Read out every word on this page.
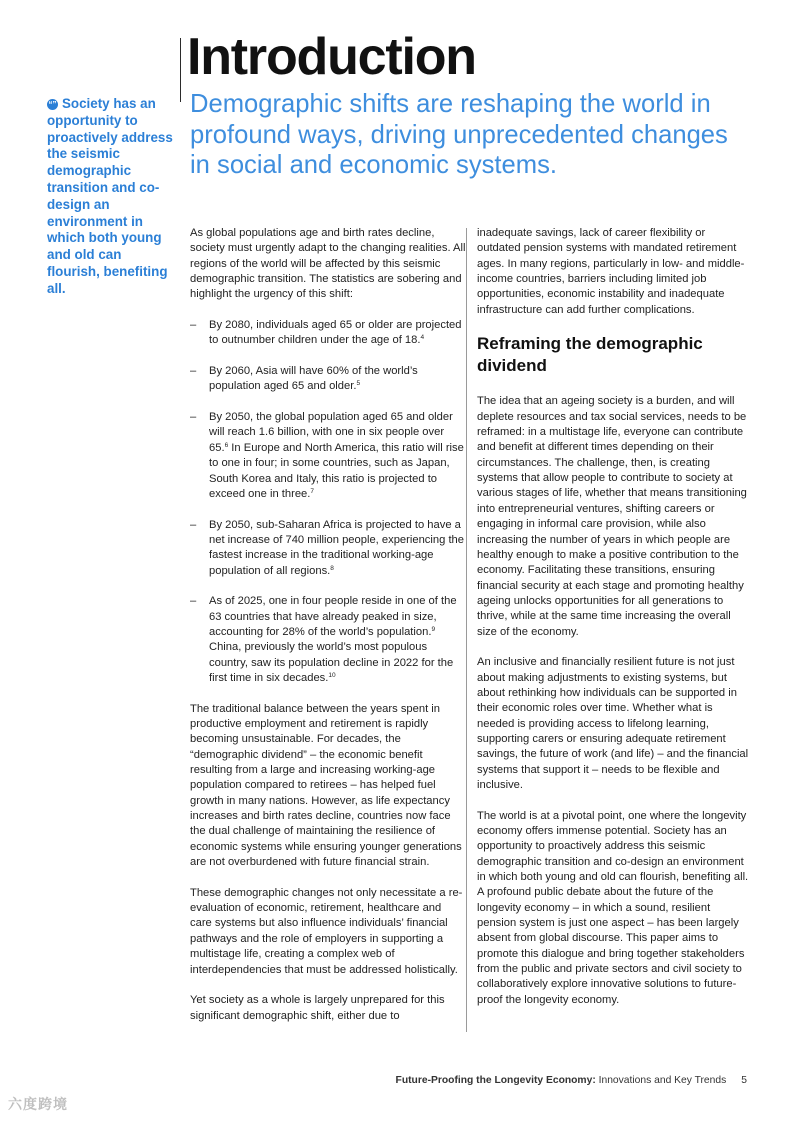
Introduction
“” Society has an opportunity to proactively address the seismic demographic transition and co-design an environment in which both young and old can flourish, benefiting all.
Demographic shifts are reshaping the world in profound ways, driving unprecedented changes in social and economic systems.

As global populations age and birth rates decline, society must urgently adapt to the changing realities. All regions of the world will be affected by this seismic demographic transition. The statistics are sobering and highlight the urgency of this shift:

– By 2080, individuals aged 65 or older are projected to outnumber children under the age of 18.$^4$
– By 2060, Asia will have 60% of the world’s population aged 65 and older.$^5$
– By 2050, the global population aged 65 and older will reach 1.6 billion, with one in six people over 65.$^6$ In Europe and North America, this ratio will rise to one in four; in some countries, such as Japan, South Korea and Italy, this ratio is projected to exceed one in three.$^7$
– By 2050, sub-Saharan Africa is projected to have a net increase of 740 million people, experiencing the fastest increase in the traditional working-age population of all regions.$^8$
– As of 2025, one in four people reside in one of the 63 countries that have already peaked in size, accounting for 28% of the world’s population.$^9$ China, previously the world’s most populous country, saw its population decline in 2022 for the first time in six decades.$^{10}$

The traditional balance between the years spent in productive employment and retirement is rapidly becoming unsustainable. For decades, the “demographic dividend” – the economic benefit resulting from a large and increasing working-age population compared to retirees – has helped fuel growth in many nations. However, as life expectancy increases and birth rates decline, countries now face the dual challenge of maintaining the resilience of economic systems while ensuring younger generations are not overburdened with future financial strain.

These demographic changes not only necessitate a re-evaluation of economic, retirement, healthcare and care systems but also influence individuals’ financial pathways and the role of employers in supporting a multistage life, creating a complex web of interdependencies that must be addressed holistically.

Yet society as a whole is largely unprepared for this significant demographic shift, either due to

inadequate savings, lack of career flexibility or outdated pension systems with mandated retirement ages. In many regions, particularly in low- and middle-income countries, barriers including limited job opportunities, economic instability and inadequate infrastructure can add further complications.

Reframing the demographic dividend

The idea that an ageing society is a burden, and will deplete resources and tax social services, needs to be reframed: in a multistage life, everyone can contribute and benefit at different times depending on their circumstances. The challenge, then, is creating systems that allow people to contribute to society at various stages of life, whether that means transitioning into entrepreneurial ventures, shifting careers or engaging in informal care provision, while also increasing the number of years in which people are healthy enough to make a positive contribution to the economy. Facilitating these transitions, ensuring financial security at each stage and promoting healthy ageing unlocks opportunities for all generations to thrive, while at the same time increasing the overall size of the economy.

An inclusive and financially resilient future is not just about making adjustments to existing systems, but about rethinking how individuals can be supported in their economic roles over time. Whether what is needed is providing access to lifelong learning, supporting carers or ensuring adequate retirement savings, the future of work (and life) – and the financial systems that support it – needs to be flexible and inclusive.

The world is at a pivotal point, one where the longevity economy offers immense potential. Society has an opportunity to proactively address this seismic demographic transition and co-design an environment in which both young and old can flourish, benefiting all. A profound public debate about the future of the longevity economy – in which a sound, resilient pension system is just one aspect – has been largely absent from global discourse. This paper aims to promote this dialogue and bring together stakeholders from the public and private sectors and civil society to collaboratively explore innovative solutions to future-proof the longevity economy.

Future-Proofing the Longevity Economy: Innovations and Key Trends 5
六度跨境
